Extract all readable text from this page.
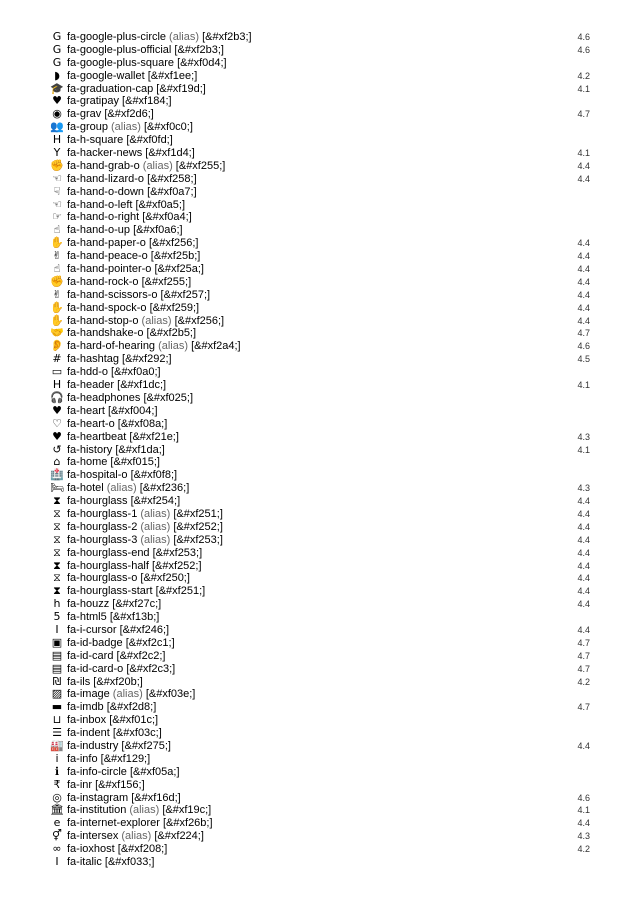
G fa-google-plus-circle (alias) [&#xf2b3;]	4.6
G fa-google-plus-official [&#xf2b3;]	4.6
G fa-google-plus-square [&#xf0d4;]
◗ fa-google-wallet [&#xf1ee;]	4.2
🎓 fa-graduation-cap [&#xf19d;]	4.1
♥ fa-gratipay [&#xf184;]
◉ fa-grav [&#xf2d6;]	4.7
👥 fa-group (alias) [&#xf0c0;]
H fa-h-square [&#xf0fd;]
Y fa-hacker-news [&#xf1d4;]	4.1
✊ fa-hand-grab-o (alias) [&#xf255;]	4.4
☜ fa-hand-lizard-o [&#xf258;]	4.4
☟ fa-hand-o-down [&#xf0a7;]
☜ fa-hand-o-left [&#xf0a5;]
☞ fa-hand-o-right [&#xf0a4;]
☝ fa-hand-o-up [&#xf0a6;]
✋ fa-hand-paper-o [&#xf256;]	4.4
✌ fa-hand-peace-o [&#xf25b;]	4.4
☝ fa-hand-pointer-o [&#xf25a;]	4.4
✊ fa-hand-rock-o [&#xf255;]	4.4
✌ fa-hand-scissors-o [&#xf257;]	4.4
✋ fa-hand-spock-o [&#xf259;]	4.4
✋ fa-hand-stop-o (alias) [&#xf256;]	4.4
🤝 fa-handshake-o [&#xf2b5;]	4.7
👂 fa-hard-of-hearing (alias) [&#xf2a4;]	4.6
# fa-hashtag [&#xf292;]	4.5
▭ fa-hdd-o [&#xf0a0;]
H fa-header [&#xf1dc;]	4.1
🎧 fa-headphones [&#xf025;]
♥ fa-heart [&#xf004;]
♡ fa-heart-o [&#xf08a;]
♥ fa-heartbeat [&#xf21e;]	4.3
↺ fa-history [&#xf1da;]	4.1
⌂ fa-home [&#xf015;]
🏥 fa-hospital-o [&#xf0f8;]
🛏 fa-hotel (alias) [&#xf236;]	4.3
⧗ fa-hourglass [&#xf254;]	4.4
⧖ fa-hourglass-1 (alias) [&#xf251;]	4.4
⧖ fa-hourglass-2 (alias) [&#xf252;]	4.4
⧖ fa-hourglass-3 (alias) [&#xf253;]	4.4
⧖ fa-hourglass-end [&#xf253;]	4.4
⧗ fa-hourglass-half [&#xf252;]	4.4
⧖ fa-hourglass-o [&#xf250;]	4.4
⧗ fa-hourglass-start [&#xf251;]	4.4
h fa-houzz [&#xf27c;]	4.4
5 fa-html5 [&#xf13b;]
I fa-i-cursor [&#xf246;]	4.4
▣ fa-id-badge [&#xf2c1;]	4.7
▤ fa-id-card [&#xf2c2;]	4.7
▤ fa-id-card-o [&#xf2c3;]	4.7
₪ fa-ils [&#xf20b;]	4.2
▨ fa-image (alias) [&#xf03e;]
▬ fa-imdb [&#xf2d8;]	4.7
⊔ fa-inbox [&#xf01c;]
☰ fa-indent [&#xf03c;]
🏭 fa-industry [&#xf275;]	4.4
i fa-info [&#xf129;]
ℹ fa-info-circle [&#xf05a;]
₹ fa-inr [&#xf156;]
◎ fa-instagram [&#xf16d;]	4.6
🏛 fa-institution (alias) [&#xf19c;]	4.1
e fa-internet-explorer [&#xf26b;]	4.4
⚥ fa-intersex (alias) [&#xf224;]	4.3
∞ fa-ioxhost [&#xf208;]	4.2
I fa-italic [&#xf033;]
